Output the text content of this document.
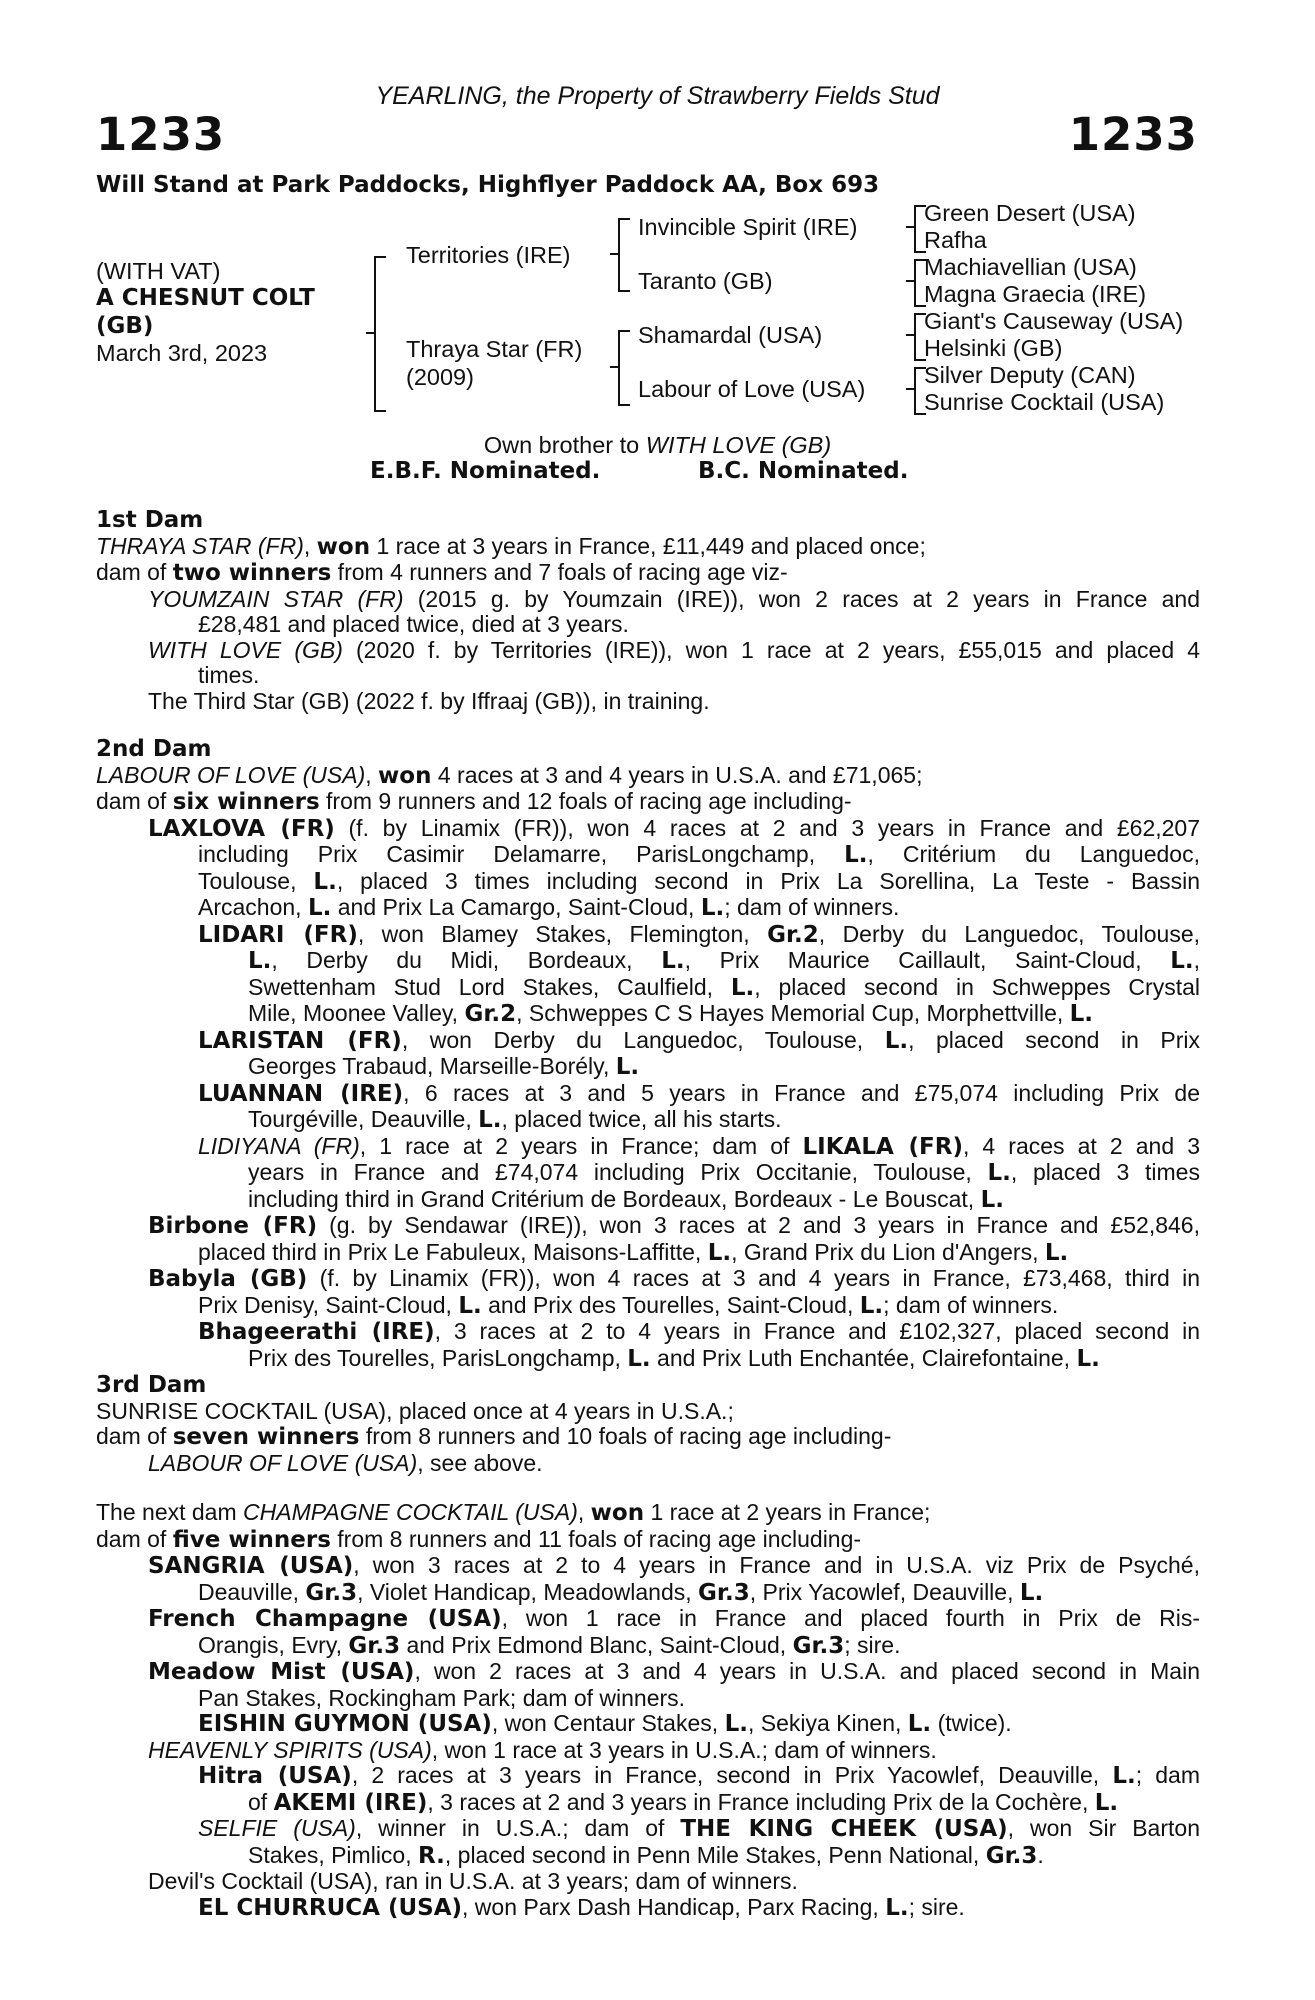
YEARLING, the Property of Strawberry Fields Stud
1233	1233
Will Stand at Park Paddocks, Highflyer Paddock AA, Box 693
(WITH VAT)
A CHESNUT COLT
(GB)
March 3rd, 2023
Territories (IRE)
Thraya Star (FR)
(2009)
Invincible Spirit (IRE)
Taranto (GB)
Shamardal (USA)
Labour of Love (USA)
Green Desert (USA)
Rafha
Machiavellian (USA)
Magna Graecia (IRE)
Giant's Causeway (USA)
Helsinki (GB)
Silver Deputy (CAN)
Sunrise Cocktail (USA)
Own brother to WITH LOVE (GB)
E.B.F. Nominated.	B.C. Nominated.
1st Dam
THRAYA STAR (FR), won 1 race at 3 years in France, £11,449 and placed once;
dam of two winners from 4 runners and 7 foals of racing age viz-
YOUMZAIN STAR (FR) (2015 g. by Youmzain (IRE)), won 2 races at 2 years in France and
£28,481 and placed twice, died at 3 years.
WITH LOVE (GB) (2020 f. by Territories (IRE)), won 1 race at 2 years, £55,015 and placed 4
times.
The Third Star (GB) (2022 f. by Iffraaj (GB)), in training.
2nd Dam
LABOUR OF LOVE (USA), won 4 races at 3 and 4 years in U.S.A. and £71,065;
dam of six winners from 9 runners and 12 foals of racing age including-
LAXLOVA (FR) (f. by Linamix (FR)), won 4 races at 2 and 3 years in France and £62,207
including Prix Casimir Delamarre, ParisLongchamp, L., Critérium du Languedoc,
Toulouse, L., placed 3 times including second in Prix La Sorellina, La Teste - Bassin
Arcachon, L. and Prix La Camargo, Saint-Cloud, L.; dam of winners.
LIDARI (FR), won Blamey Stakes, Flemington, Gr.2, Derby du Languedoc, Toulouse,
L., Derby du Midi, Bordeaux, L., Prix Maurice Caillault, Saint-Cloud, L.,
Swettenham Stud Lord Stakes, Caulfield, L., placed second in Schweppes Crystal
Mile, Moonee Valley, Gr.2, Schweppes C S Hayes Memorial Cup, Morphettville, L.
LARISTAN (FR), won Derby du Languedoc, Toulouse, L., placed second in Prix
Georges Trabaud, Marseille-Borély, L.
LUANNAN (IRE), 6 races at 3 and 5 years in France and £75,074 including Prix de
Tourgéville, Deauville, L., placed twice, all his starts.
LIDIYANA (FR), 1 race at 2 years in France; dam of LIKALA (FR), 4 races at 2 and 3
years in France and £74,074 including Prix Occitanie, Toulouse, L., placed 3 times
including third in Grand Critérium de Bordeaux, Bordeaux - Le Bouscat, L.
Birbone (FR) (g. by Sendawar (IRE)), won 3 races at 2 and 3 years in France and £52,846,
placed third in Prix Le Fabuleux, Maisons-Laffitte, L., Grand Prix du Lion d'Angers, L.
Babyla (GB) (f. by Linamix (FR)), won 4 races at 3 and 4 years in France, £73,468, third in
Prix Denisy, Saint-Cloud, L. and Prix des Tourelles, Saint-Cloud, L.; dam of winners.
Bhageerathi (IRE), 3 races at 2 to 4 years in France and £102,327, placed second in
Prix des Tourelles, ParisLongchamp, L. and Prix Luth Enchantée, Clairefontaine, L.
3rd Dam
SUNRISE COCKTAIL (USA), placed once at 4 years in U.S.A.;
dam of seven winners from 8 runners and 10 foals of racing age including-
LABOUR OF LOVE (USA), see above.
The next dam CHAMPAGNE COCKTAIL (USA), won 1 race at 2 years in France;
dam of five winners from 8 runners and 11 foals of racing age including-
SANGRIA (USA), won 3 races at 2 to 4 years in France and in U.S.A. viz Prix de Psyché,
Deauville, Gr.3, Violet Handicap, Meadowlands, Gr.3, Prix Yacowlef, Deauville, L.
French Champagne (USA), won 1 race in France and placed fourth in Prix de Ris-
Orangis, Evry, Gr.3 and Prix Edmond Blanc, Saint-Cloud, Gr.3; sire.
Meadow Mist (USA), won 2 races at 3 and 4 years in U.S.A. and placed second in Main
Pan Stakes, Rockingham Park; dam of winners.
EISHIN GUYMON (USA), won Centaur Stakes, L., Sekiya Kinen, L. (twice).
HEAVENLY SPIRITS (USA), won 1 race at 3 years in U.S.A.; dam of winners.
Hitra (USA), 2 races at 3 years in France, second in Prix Yacowlef, Deauville, L.; dam
of AKEMI (IRE), 3 races at 2 and 3 years in France including Prix de la Cochère, L.
SELFIE (USA), winner in U.S.A.; dam of THE KING CHEEK (USA), won Sir Barton
Stakes, Pimlico, R., placed second in Penn Mile Stakes, Penn National, Gr.3.
Devil's Cocktail (USA), ran in U.S.A. at 3 years; dam of winners.
EL CHURRUCA (USA), won Parx Dash Handicap, Parx Racing, L.; sire.
